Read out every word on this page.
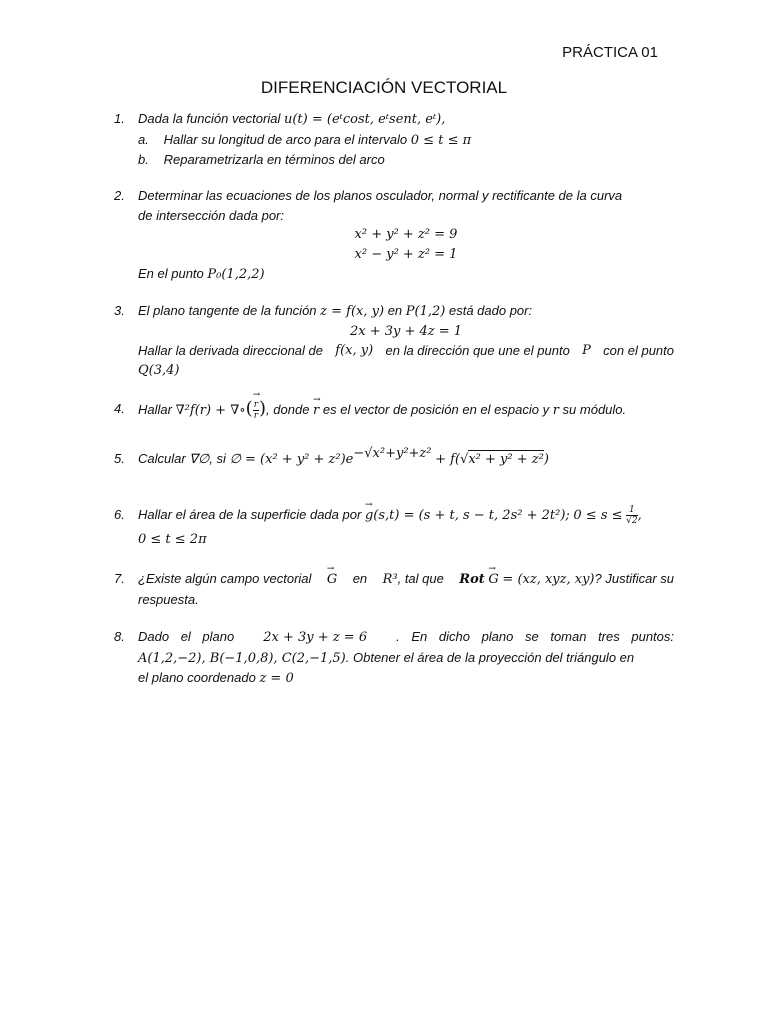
PRÁCTICA 01
DIFERENCIACIÓN VECTORIAL
1.	Dada la función vectorial u(t) = (eᵗcost, eᵗsent, eᵗ),
a. Hallar su longitud de arco para el intervalo 0 ≤ t ≤ π
b. Reparametrizarla en términos del arco
2.	Determinar las ecuaciones de los planos osculador, normal y rectificante de la curva
de intersección dada por:
x² + y² + z² = 9
x² − y² + z² = 1
En el punto P₀(1,2,2)
3.	El plano tangente de la función z = f(x, y) en P(1,2) está dado por:
2x + 3y + 4z = 1
Hallar la derivada direccional de f(x, y) en la dirección que une el punto P con el punto
Q(3,4)
4.	Hallar ∇²f(r) + ∇∘( → $\frac{r}{r}$ ), donde → r es el vector de posición en el espacio y r su módulo.
5.	Calcular ∇∅, si ∅ = $(x^2 + y^2 + z^2)e^{-√x^2+y^2+z^2} + f(√x^2 + y^2 + z^2)$
6.	Hallar el área de la superficie dada por → g(s,t) = (s + t, s − t, 2s² + 2t²); $0 \le s \le \frac{1}{√2}$ ,
0 ≤ t ≤ 2π
7.	¿Existe algún campo vectorial → G en R³, tal que Rot → G = (xz, xyz, xy)? Justificar su
respuesta.
8.	Dado el plano 2x + 3y + z = 6 . En dicho plano se toman tres puntos:
A(1,2,−2), B(−1,0,8), C(2,−1,5). Obtener el área de la proyección del triángulo en
el plano coordenado z = 0
